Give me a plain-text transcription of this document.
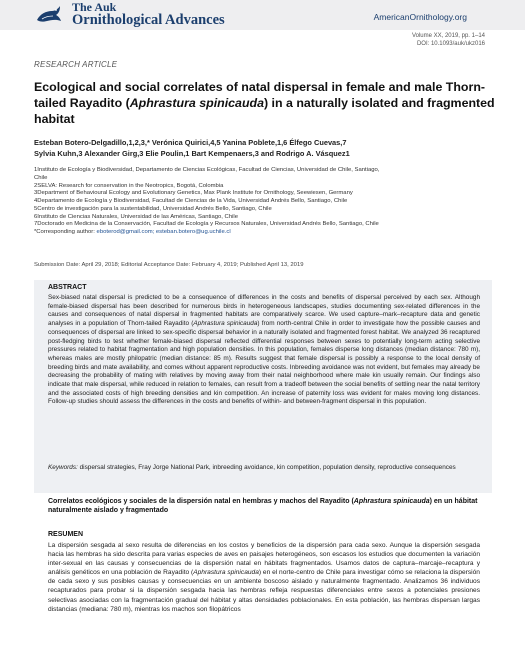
The Auk
Ornithological Advances	AmericanOrnithology.org
Volume XX, 2019, pp. 1–14
DOI: 10.1093/auk/ukz016
RESEARCH ARTICLE
Ecological and social correlates of natal dispersal in female and male Thorn-tailed Rayadito (Aphrastura spinicauda) in a naturally isolated and fragmented habitat
Esteban Botero-Delgadillo,1,2,3,* Verónica Quirici,4,5 Yanina Poblete,1,6 Élfego Cuevas,7
Sylvia Kuhn,3 Alexander Girg,3 Elie Poulin,1 Bart Kempenaers,3 and Rodrigo A. Vásquez1
1Instituto de Ecología y Biodiversidad, Departamento de Ciencias Ecológicas, Facultad de Ciencias, Universidad de Chile, Santiago,
Chile
2SELVA: Research for conservation in the Neotropics, Bogotá, Colombia
3Department of Behavioural Ecology and Evolutionary Genetics, Max Plank Institute for Ornithology, Seewiesen, Germany
4Departamento de Ecología y Biodiversidad, Facultad de Ciencias de la Vida, Universidad Andrés Bello, Santiago, Chile
5Centro de investigación para la sustentabilidad, Universidad Andrés Bello, Santiago, Chile
6Instituto de Ciencias Naturales, Universidad de las Américas, Santiago, Chile
7Doctorado en Medicina de la Conservación, Facultad de Ecología y Recursos Naturales, Universidad Andrés Bello, Santiago, Chile
*Corresponding author: eboterod@gmail.com; esteban.botero@ug.uchile.cl
Submission Date: April 29, 2018; Editorial Acceptance Date: February 4, 2019; Published April 13, 2019
ABSTRACT
Sex-biased natal dispersal is predicted to be a consequence of differences in the costs and benefits of dispersal perceived by each sex. Although female-biased dispersal has been described for numerous birds in heterogeneous landscapes, studies documenting sex-related differences in the causes and consequences of natal dispersal in fragmented habitats are comparatively scarce. We used capture–mark–recapture data and genetic analyses in a population of Thorn-tailed Rayadito (Aphrastura spinicauda) from north-central Chile in order to investigate how the possible causes and consequences of dispersal are linked to sex-specific dispersal behavior in a naturally isolated and fragmented forest habitat. We analyzed 36 recaptured post-fledging birds to test whether female-biased dispersal reflected differential responses between sexes to potentially long-term acting selective pressures related to habitat fragmentation and high population densities. In this population, females disperse long distances (median distance: 780 m), whereas males are mostly philopatric (median distance: 85 m). Results suggest that female dispersal is possibly a response to the local density of breeding birds and mate availability, and comes without apparent reproductive costs. Inbreeding avoidance was not evident, but females may already be decreasing the probability of mating with relatives by moving away from their natal neighborhood where male kin usually remain. Our findings also indicate that male dispersal, while reduced in relation to females, can result from a tradeoff between the social benefits of settling near the natal territory and the associated costs of high breeding densities and kin competition. An increase of paternity loss was evident for males moving long distances. Follow-up studies should assess the differences in the costs and benefits of within- and between-fragment dispersal in this population.
Keywords: dispersal strategies, Fray Jorge National Park, inbreeding avoidance, kin competition, population density, reproductive consequences
Correlatos ecológicos y sociales de la dispersión natal en hembras y machos del Rayadito (Aphrastura spinicauda) en un hábitat naturalmente aislado y fragmentado
RESUMEN
La dispersión sesgada al sexo resulta de diferencias en los costos y beneficios de la dispersión para cada sexo. Aunque la dispersión sesgada hacia las hembras ha sido descrita para varias especies de aves en paisajes heterogéneos, son escasos los estudios que documenten la variación inter-sexual en las causas y consecuencias de la dispersión natal en hábitats fragmentados. Usamos datos de captura–marcaje–recaptura y análisis genéticos en una población de Rayadito (Aphrastura spinicauda) en el norte-centro de Chile para investigar cómo se relaciona la dispersión de cada sexo y sus posibles causas y consecuencias en un ambiente boscoso aislado y naturalmente fragmentado. Analizamos 36 individuos recapturados para probar si la dispersión sesgada hacia las hembras refleja respuestas diferenciales entre sexos a potenciales presiones selectivas asociadas con la fragmentación gradual del hábitat y altas densidades poblacionales. En esta población, las hembras dispersan largas distancias (mediana: 780 m), mientras los machos son filopátricos
